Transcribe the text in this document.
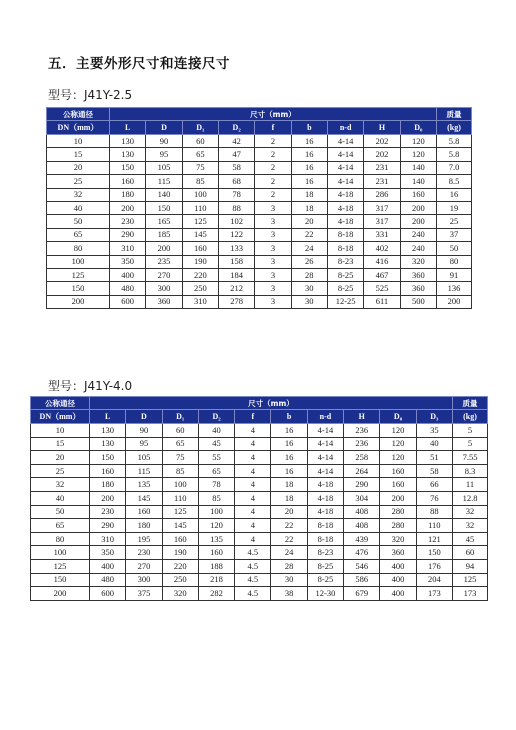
五．主要外形尺寸和连接尺寸
型号：J41Y-2.5
公称通径	尺寸（mm）									质量
DN（mm）	L	D	D₁	D₂	f	b	n-d	H	D₀	(kg)
10	130	90	60	42	2	16	4-14	202	120	5.8
15	130	95	65	47	2	16	4-14	202	120	5.8
20	150	105	75	58	2	16	4-14	231	140	7.0
25	160	115	85	68	2	16	4-14	231	140	8.5
32	180	140	100	78	2	18	4-18	286	160	16
40	200	150	110	88	3	18	4-18	317	200	19
50	230	165	125	102	3	20	4-18	317	200	25
65	290	185	145	122	3	22	8-18	331	240	37
80	310	200	160	133	3	24	8-18	402	240	50
100	350	235	190	158	3	26	8-23	416	320	80
125	400	270	220	184	3	28	8-25	467	360	91
150	480	300	250	212	3	30	8-25	525	360	136
200	600	360	310	278	3	30	12-25	611	500	200
型号：J41Y-4.0
公称通径	尺寸（mm）										质量
DN（mm）	L	D	D₁	D₂	f	b	n-d	H	D₀	D₃	(kg)
10	130	90	60	40	4	16	4-14	236	120	35	5
15	130	95	65	45	4	16	4-14	236	120	40	5
20	150	105	75	55	4	16	4-14	258	120	51	7.55
25	160	115	85	65	4	16	4-14	264	160	58	8.3
32	180	135	100	78	4	18	4-18	290	160	66	11
40	200	145	110	85	4	18	4-18	304	200	76	12.8
50	230	160	125	100	4	20	4-18	408	280	88	32
65	290	180	145	120	4	22	8-18	408	280	110	32
80	310	195	160	135	4	22	8-18	439	320	121	45
100	350	230	190	160	4.5	24	8-23	476	360	150	60
125	400	270	220	188	4.5	28	8-25	546	400	176	94
150	480	300	250	218	4.5	30	8-25	586	400	204	125
200	600	375	320	282	4.5	38	12-30	679	400	173	173
